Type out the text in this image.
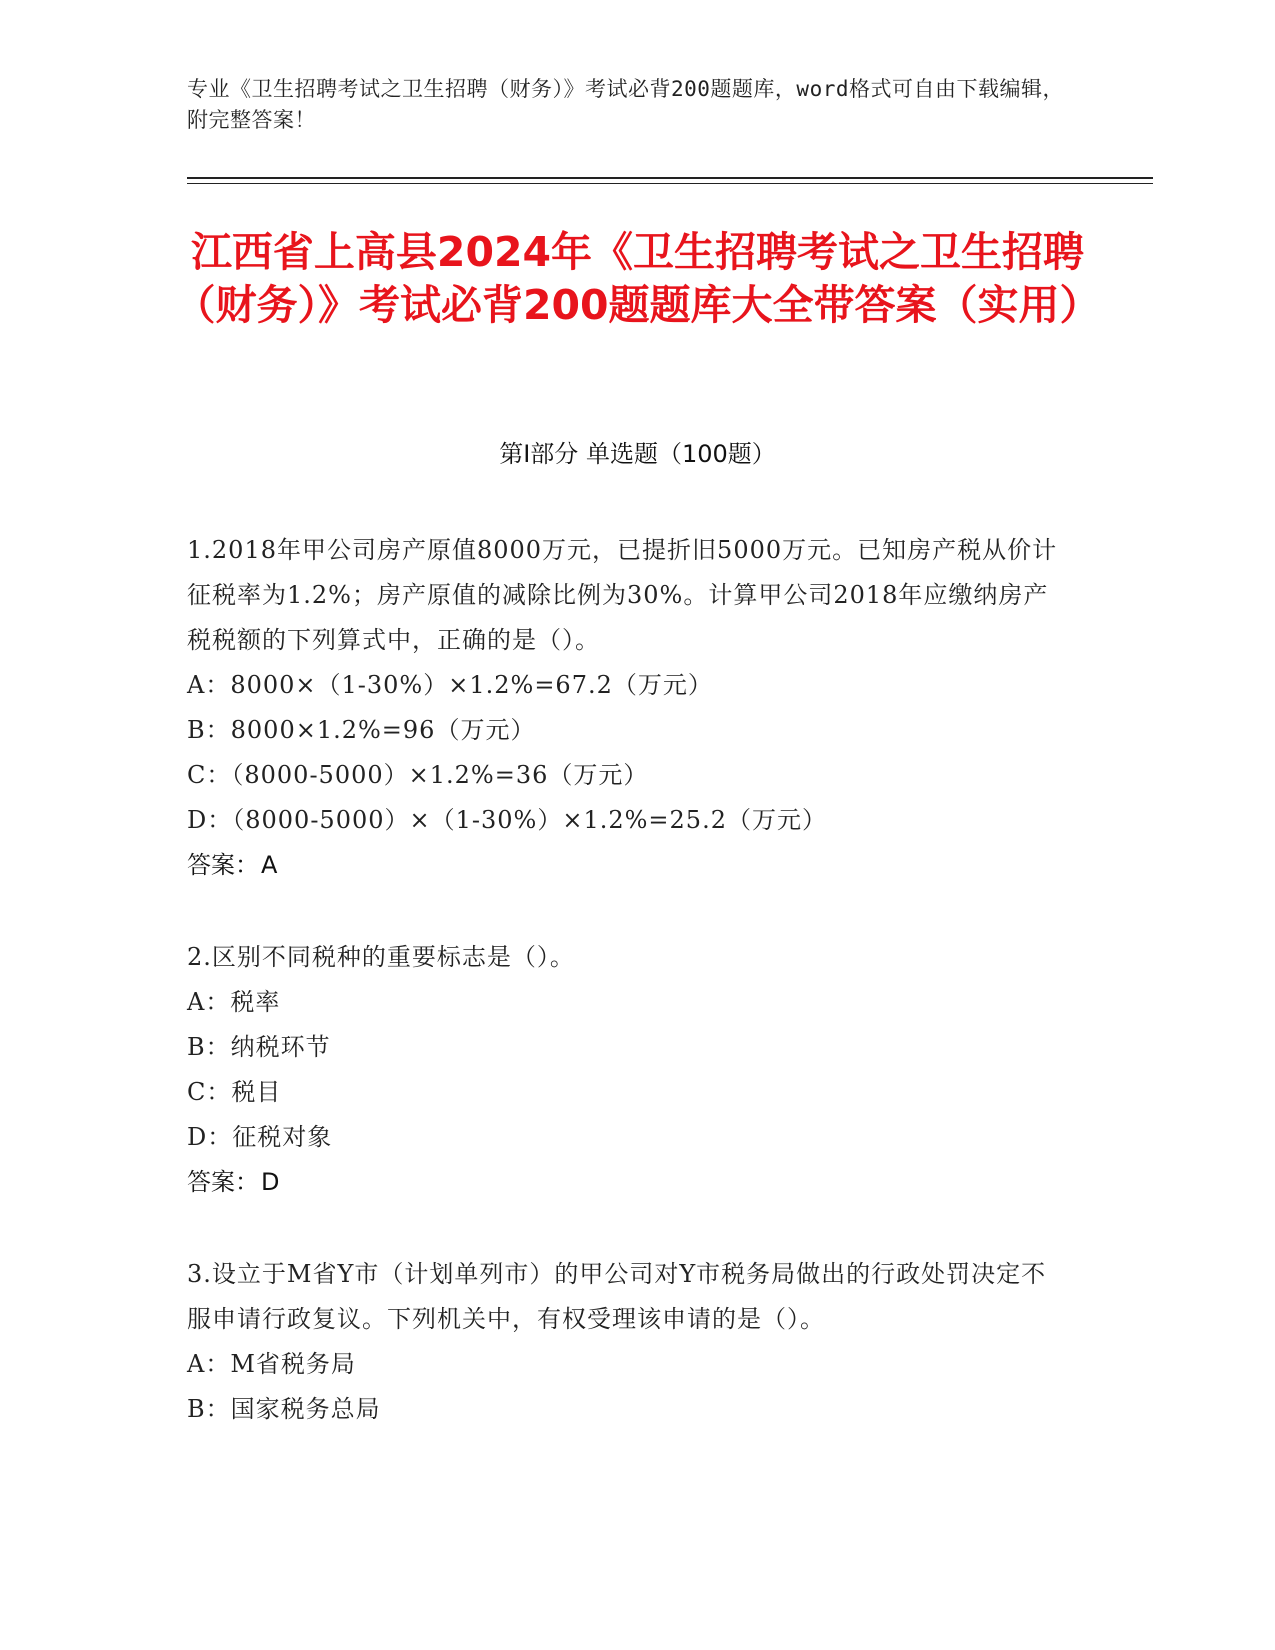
专业《卫生招聘考试之卫生招聘（财务）》考试必背200题题库，word格式可自由下载编辑，附完整答案！
江西省上高县2024年《卫生招聘考试之卫生招聘（财务）》考试必背200题题库大全带答案（实用）
第I部分 单选题（100题）
1.2018年甲公司房产原值8000万元，已提折旧5000万元。已知房产税从价计征税率为1.2%；房产原值的减除比例为30%。计算甲公司2018年应缴纳房产税税额的下列算式中，正确的是（）。
A：8000×（1-30%）×1.2%=67.2（万元）
B：8000×1.2%=96（万元）
C：（8000-5000）×1.2%=36（万元）
D：（8000-5000）×（1-30%）×1.2%=25.2（万元）
答案：A
2.区别不同税种的重要标志是（）。
A：税率
B：纳税环节
C：税目
D：征税对象
答案：D
3.设立于M省Y市（计划单列市）的甲公司对Y市税务局做出的行政处罚决定不服申请行政复议。下列机关中，有权受理该申请的是（）。
A：M省税务局
B：国家税务总局
